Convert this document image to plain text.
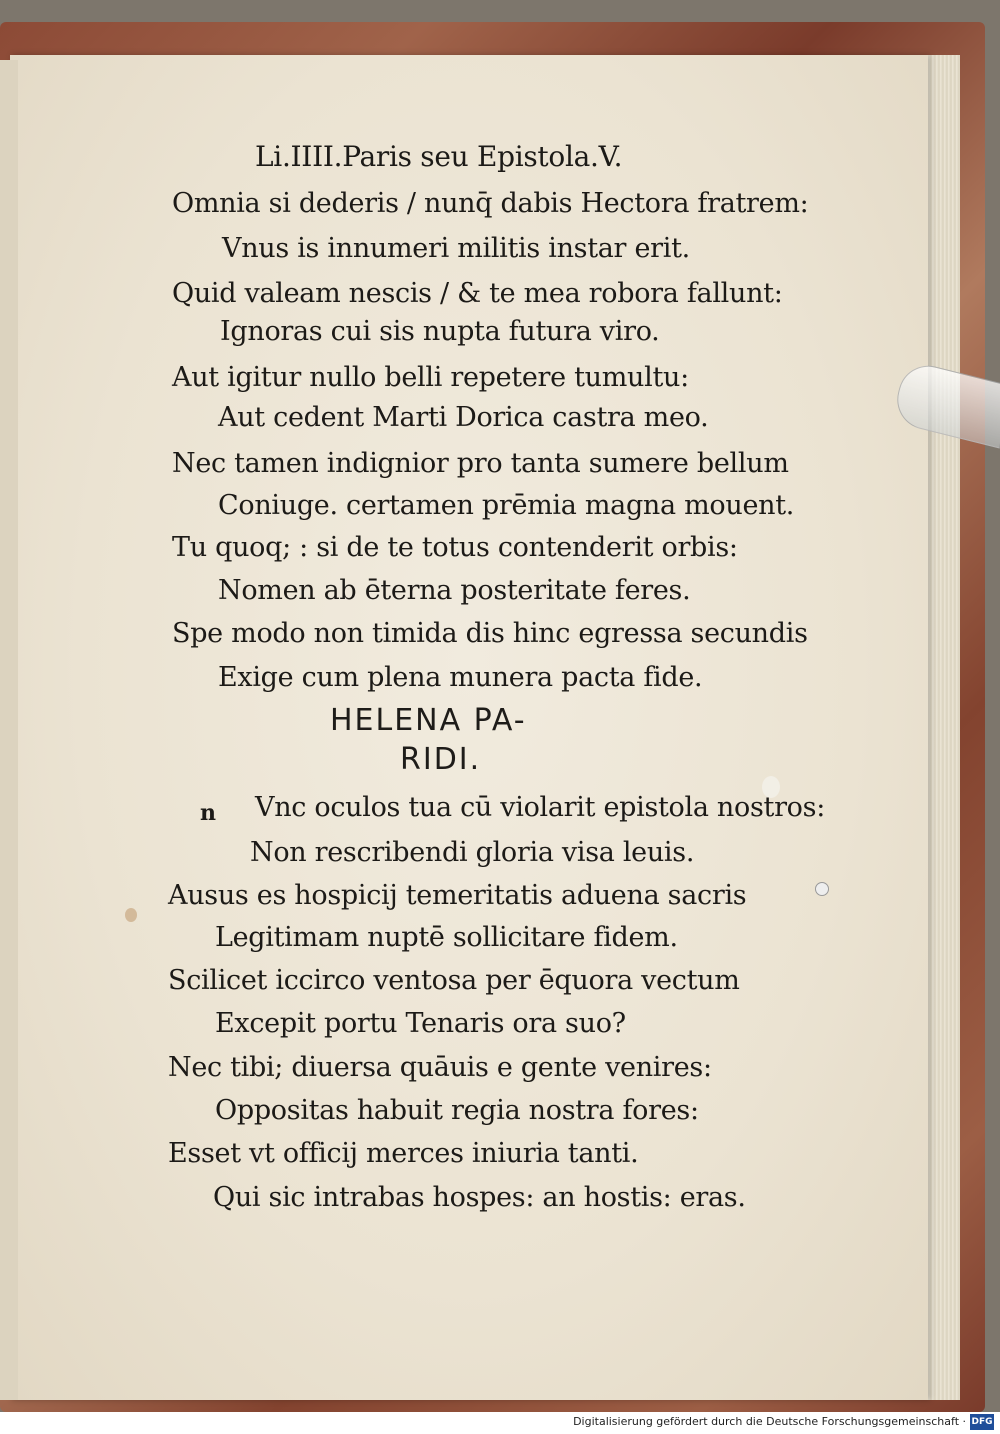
Li.IIII.Paris seu Epistola.V.
Omnia si dederis / nunq̄ dabis Hectora fratrem:
Vnus is innumeri militis instar erit.
Quid valeam nescis / & te mea robora fallunt:
Ignoras cui sis nupta futura viro.
Aut igitur nullo belli repetere tumultu:
Aut cedent Marti Dorica castra meo.
Nec tamen indignior pro tanta sumere bellum
Coniuge. certamen prēmia magna mouent.
Tu quoq; : si de te totus contenderit orbis:
Nomen ab ēterna posteritate feres.
Spe modo non timida dis hinc egressa secundis
Exige cum plena munera pacta fide.
HELENA PA-
RIDI.
n Vnc oculos tua cū violarit epistola nostros:
Non rescribendi gloria visa leuis.
Ausus es hospicij temeritatis aduena sacris
Legitimam nuptē sollicitare fidem.
Scilicet iccirco ventosa per ēquora vectum
Excepit portu Tenaris ora suo?
Nec tibi; diuersa quāuis e gente venires:
Oppositas habuit regia nostra fores:
Esset vt officij merces iniuria tanti.
Qui sic intrabas hospes: an hostis: eras.
Digitalisierung gefördert durch die Deutsche Forschungsgemeinschaft · DFG
